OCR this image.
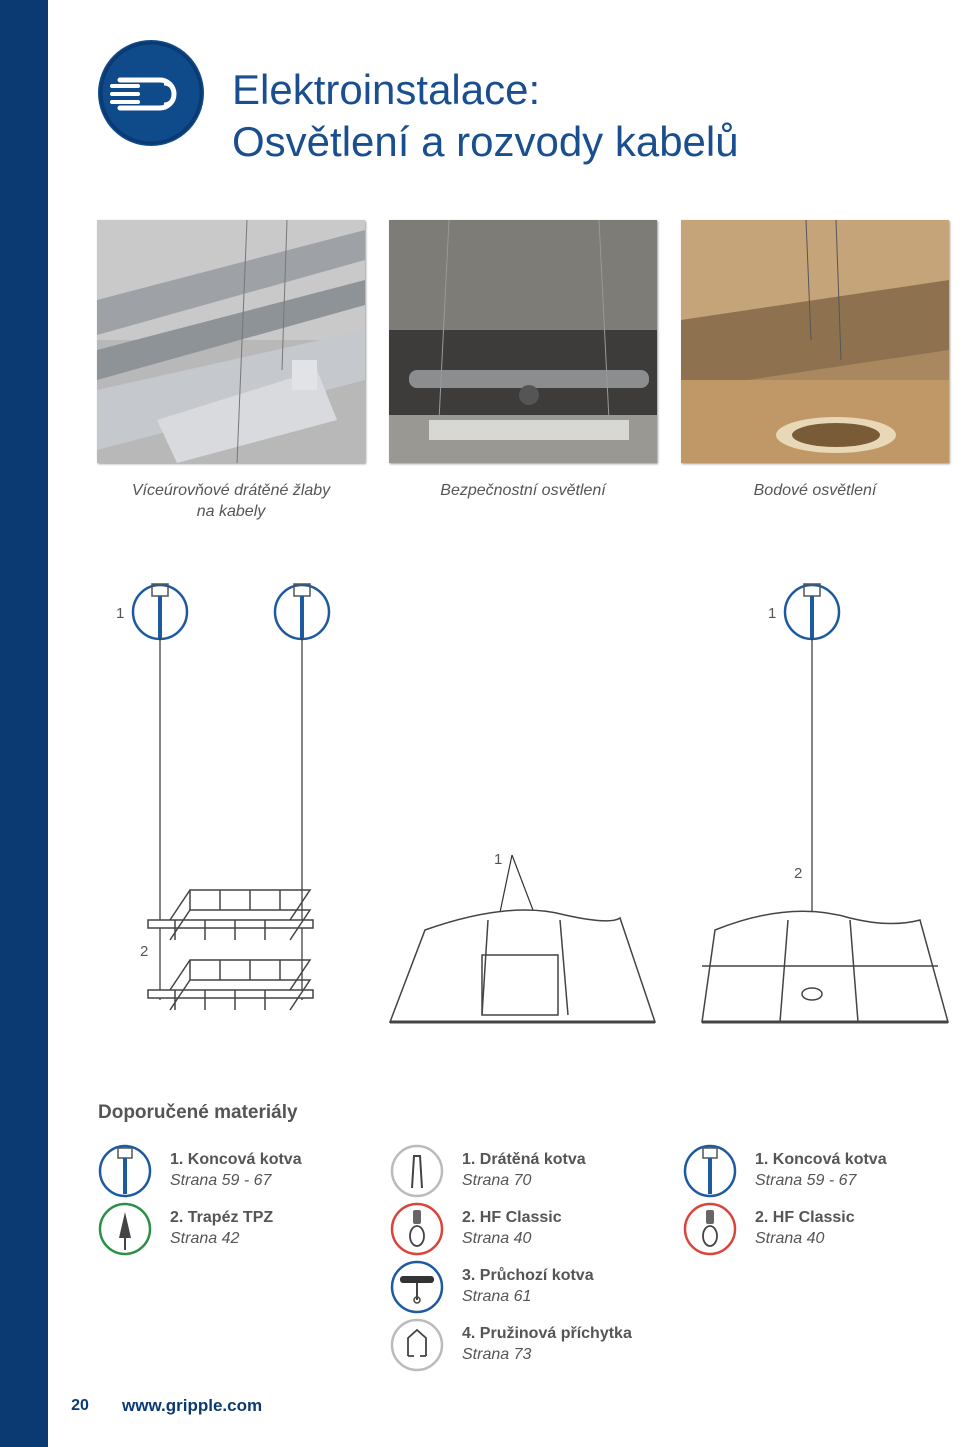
Elektroinstalace:
Osvětlení a rozvody kabelů
Víceúrovňové drátěné žlaby
na kabely
Bezpečnostní osvětlení	Bodové osvětlení
1
2
1
1
2
Doporučené materiály
1. Koncová kotva
Strana 59 - 67
2. Trapéz TPZ
Strana 42
1. Drátěná kotva
Strana 70
2. HF Classic
Strana 40
3. Průchozí kotva
Strana 61
4. Pružinová příchytka
Strana 73
1. Koncová kotva
Strana 59 - 67
2. HF Classic
Strana 40
20	www.gripple.com
